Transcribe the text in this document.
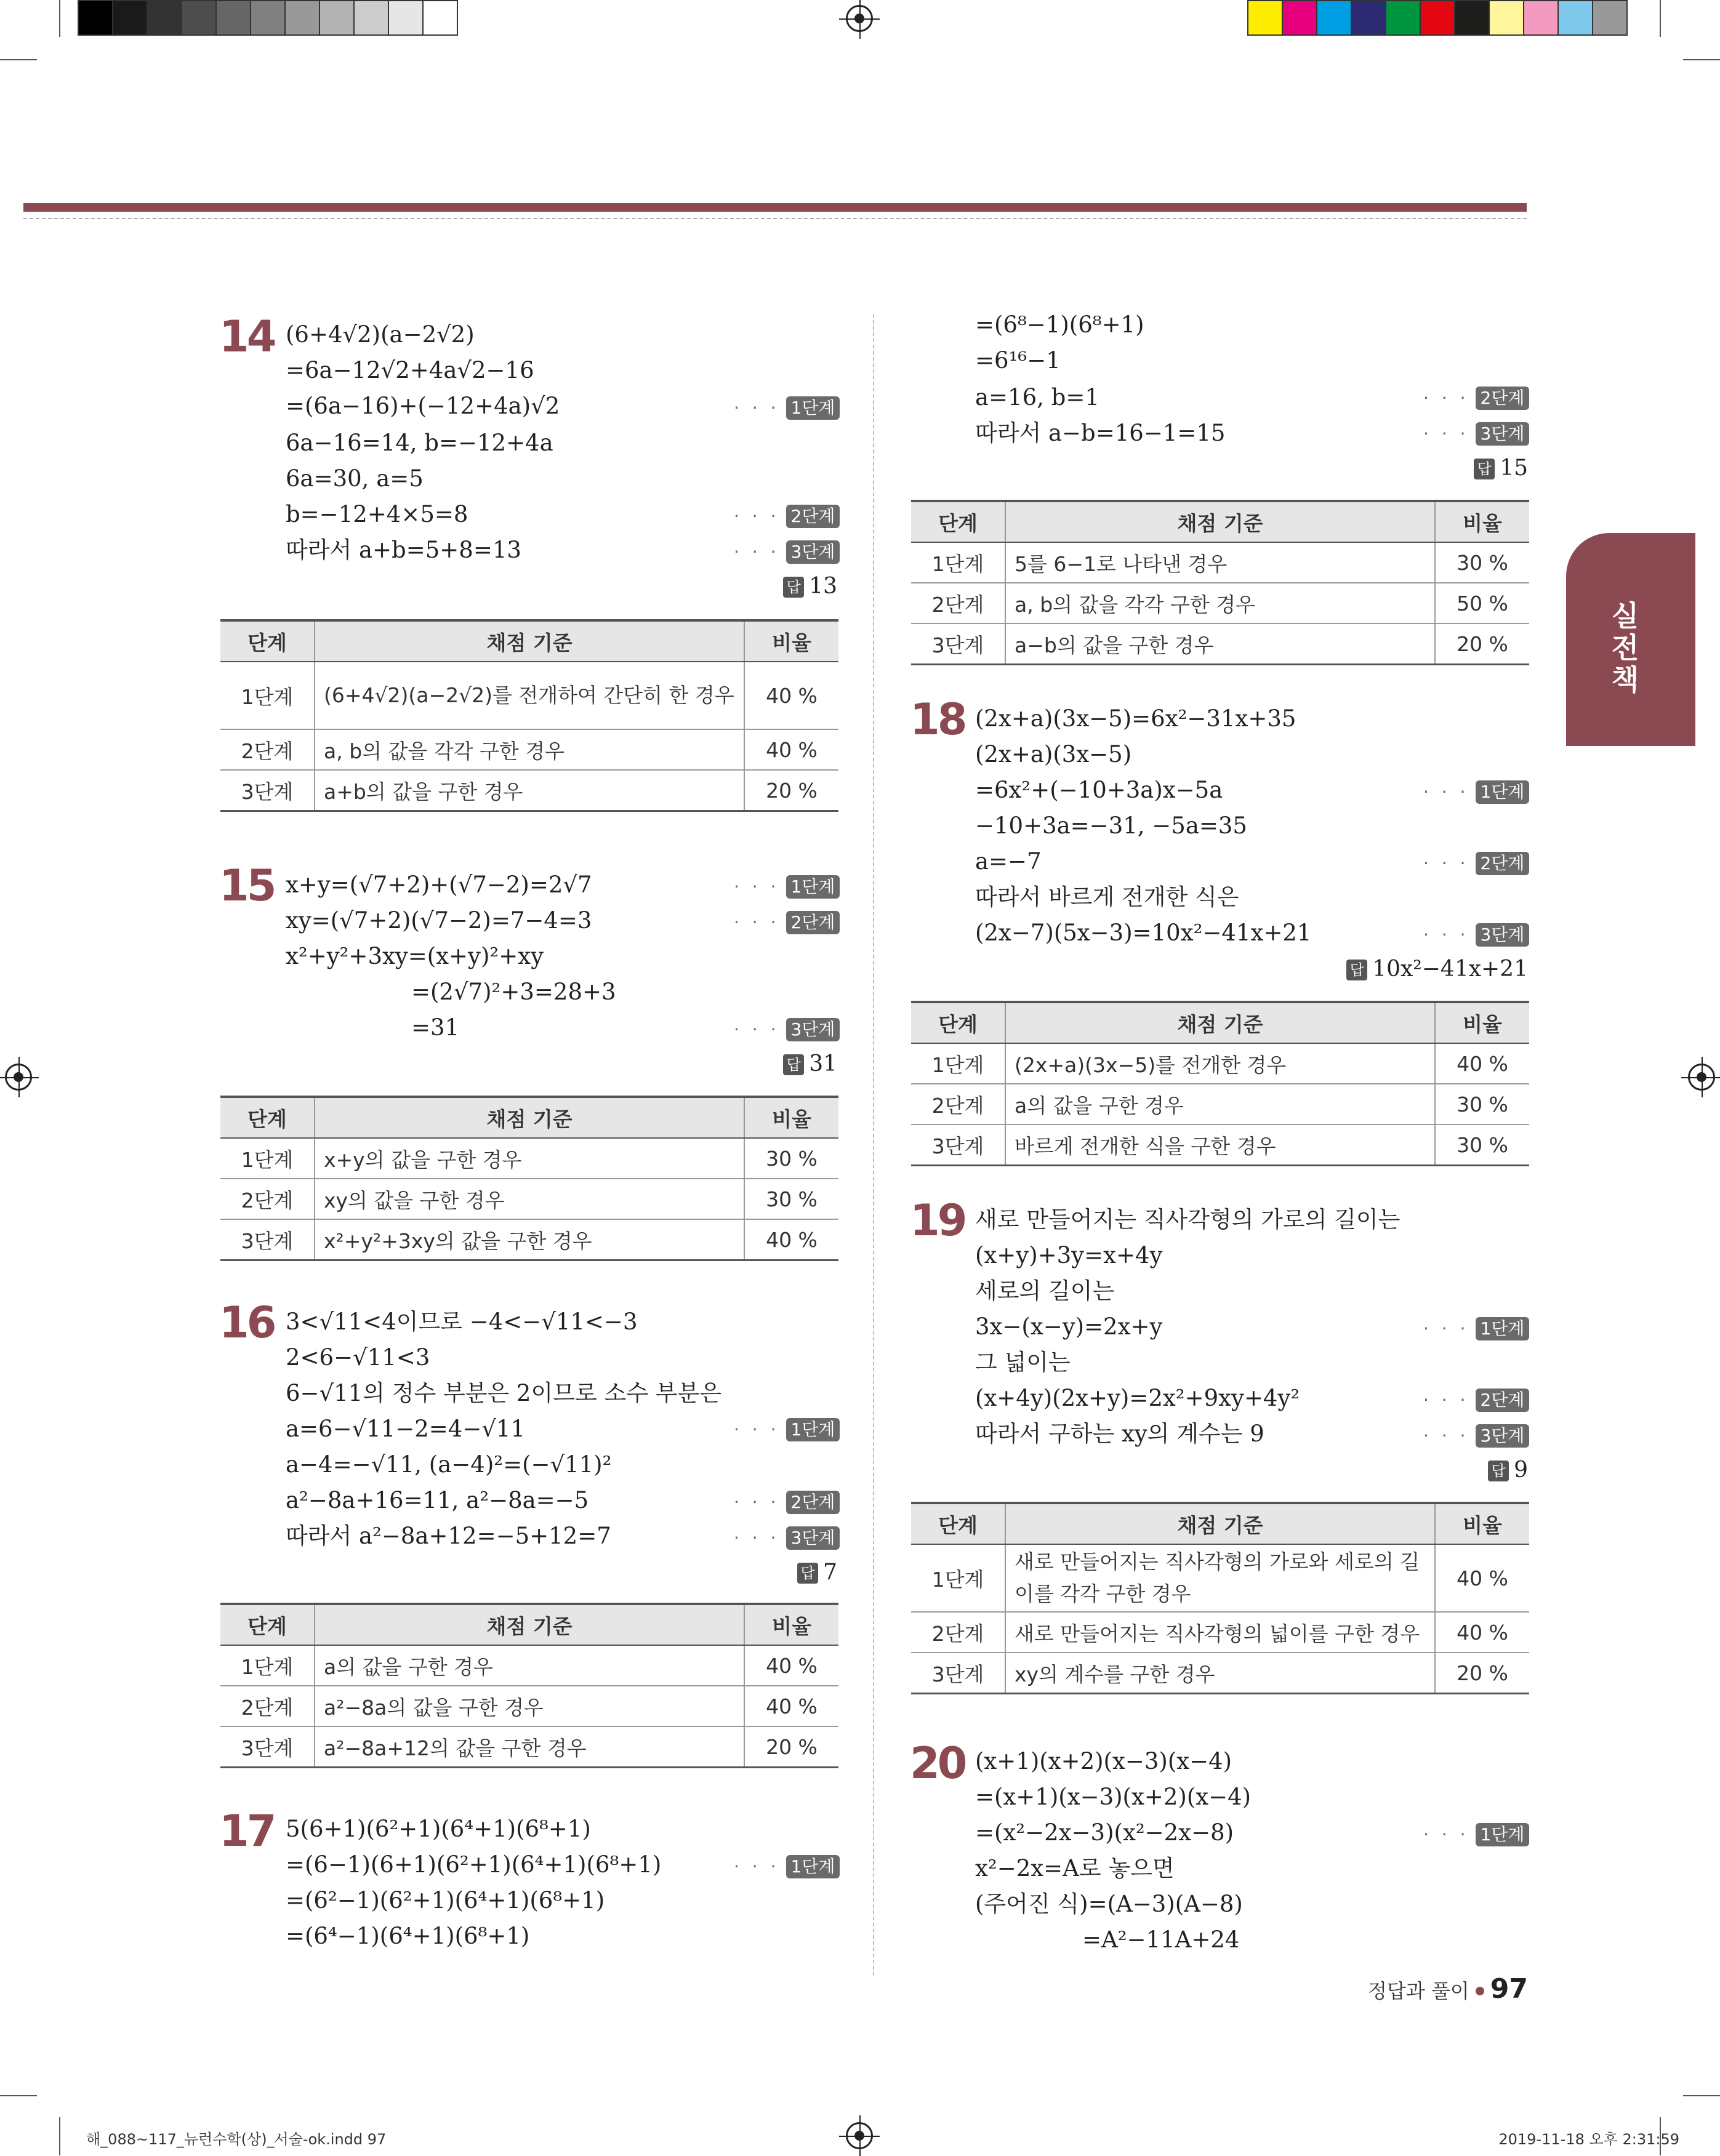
실전책
14 (6+4√2)(a−2√2)
=6a−12√2+4a√2−16
=(6a−16)+(−12+4a)√2
6a−16=14, b=−12+4a
6a=30, a=5
b=−12+4×5=8
따라서 a+b=5+8=13
· · · 1단계
· · · 2단계
· · · 3단계
답 13
단계	채점 기준	비율
1단계	(6+4√2)(a−2√2)를 전개하여 간단히 한 경우	40 %
2단계	a, b의 값을 각각 구한 경우	40 %
3단계	a+b의 값을 구한 경우	20 %
15 x+y=(√7+2)+(√7−2)=2√7
xy=(√7+2)(√7−2)=7−4=3
x²+y²+3xy=(x+y)²+xy
=(2√7)²+3=28+3
=31
· · · 1단계
· · · 2단계
· · · 3단계
답 31
단계	채점 기준	비율
1단계	x+y의 값을 구한 경우	30 %
2단계	xy의 값을 구한 경우	30 %
3단계	x²+y²+3xy의 값을 구한 경우	40 %
16 3<√11<4이므로 −4<−√11<−3
2<6−√11<3
6−√11의 정수 부분은 2이므로 소수 부분은
a=6−√11−2=4−√11
a−4=−√11, (a−4)²=(−√11)²
a²−8a+16=11, a²−8a=−5
따라서 a²−8a+12=−5+12=7
· · · 1단계
· · · 2단계
· · · 3단계
답 7
단계	채점 기준	비율
1단계	a의 값을 구한 경우	40 %
2단계	a²−8a의 값을 구한 경우	40 %
3단계	a²−8a+12의 값을 구한 경우	20 %
17 5(6+1)(6²+1)(6⁴+1)(6⁸+1)
=(6−1)(6+1)(6²+1)(6⁴+1)(6⁸+1)
=(6²−1)(6²+1)(6⁴+1)(6⁸+1)
=(6⁴−1)(6⁴+1)(6⁸+1)
· · · 1단계
=(6⁸−1)(6⁸+1)
=6¹⁶−1
a=16, b=1
따라서 a−b=16−1=15
· · · 2단계
· · · 3단계
답 15
단계	채점 기준	비율
1단계	5를 6−1로 나타낸 경우	30 %
2단계	a, b의 값을 각각 구한 경우	50 %
3단계	a−b의 값을 구한 경우	20 %
18 (2x+a)(3x−5)=6x²−31x+35
(2x+a)(3x−5)
=6x²+(−10+3a)x−5a
−10+3a=−31, −5a=35
a=−7
따라서 바르게 전개한 식은
(2x−7)(5x−3)=10x²−41x+21
· · · 1단계
· · · 2단계
· · · 3단계
답 10x²−41x+21
단계	채점 기준	비율
1단계	(2x+a)(3x−5)를 전개한 경우	40 %
2단계	a의 값을 구한 경우	30 %
3단계	바르게 전개한 식을 구한 경우	30 %
19 새로 만들어지는 직사각형의 가로의 길이는
(x+y)+3y=x+4y
세로의 길이는
3x−(x−y)=2x+y
그 넓이는
(x+4y)(2x+y)=2x²+9xy+4y²
따라서 구하는 xy의 계수는 9
· · · 1단계
· · · 2단계
· · · 3단계
답 9
단계	채점 기준	비율
1단계	새로 만들어지는 직사각형의 가로와 세로의 길이를 각각 구한 경우	40 %
2단계	새로 만들어지는 직사각형의 넓이를 구한 경우	40 %
3단계	xy의 계수를 구한 경우	20 %
20 (x+1)(x+2)(x−3)(x−4)
=(x+1)(x−3)(x+2)(x−4)
=(x²−2x−3)(x²−2x−8)
x²−2x=A로 놓으면
(주어진 식)=(A−3)(A−8)
=A²−11A+24
· · · 1단계
정답과 풀이 97
해_088~117_뉴런수학(상)_서술-ok.indd 97	2019-11-18 오후 2:31:59
